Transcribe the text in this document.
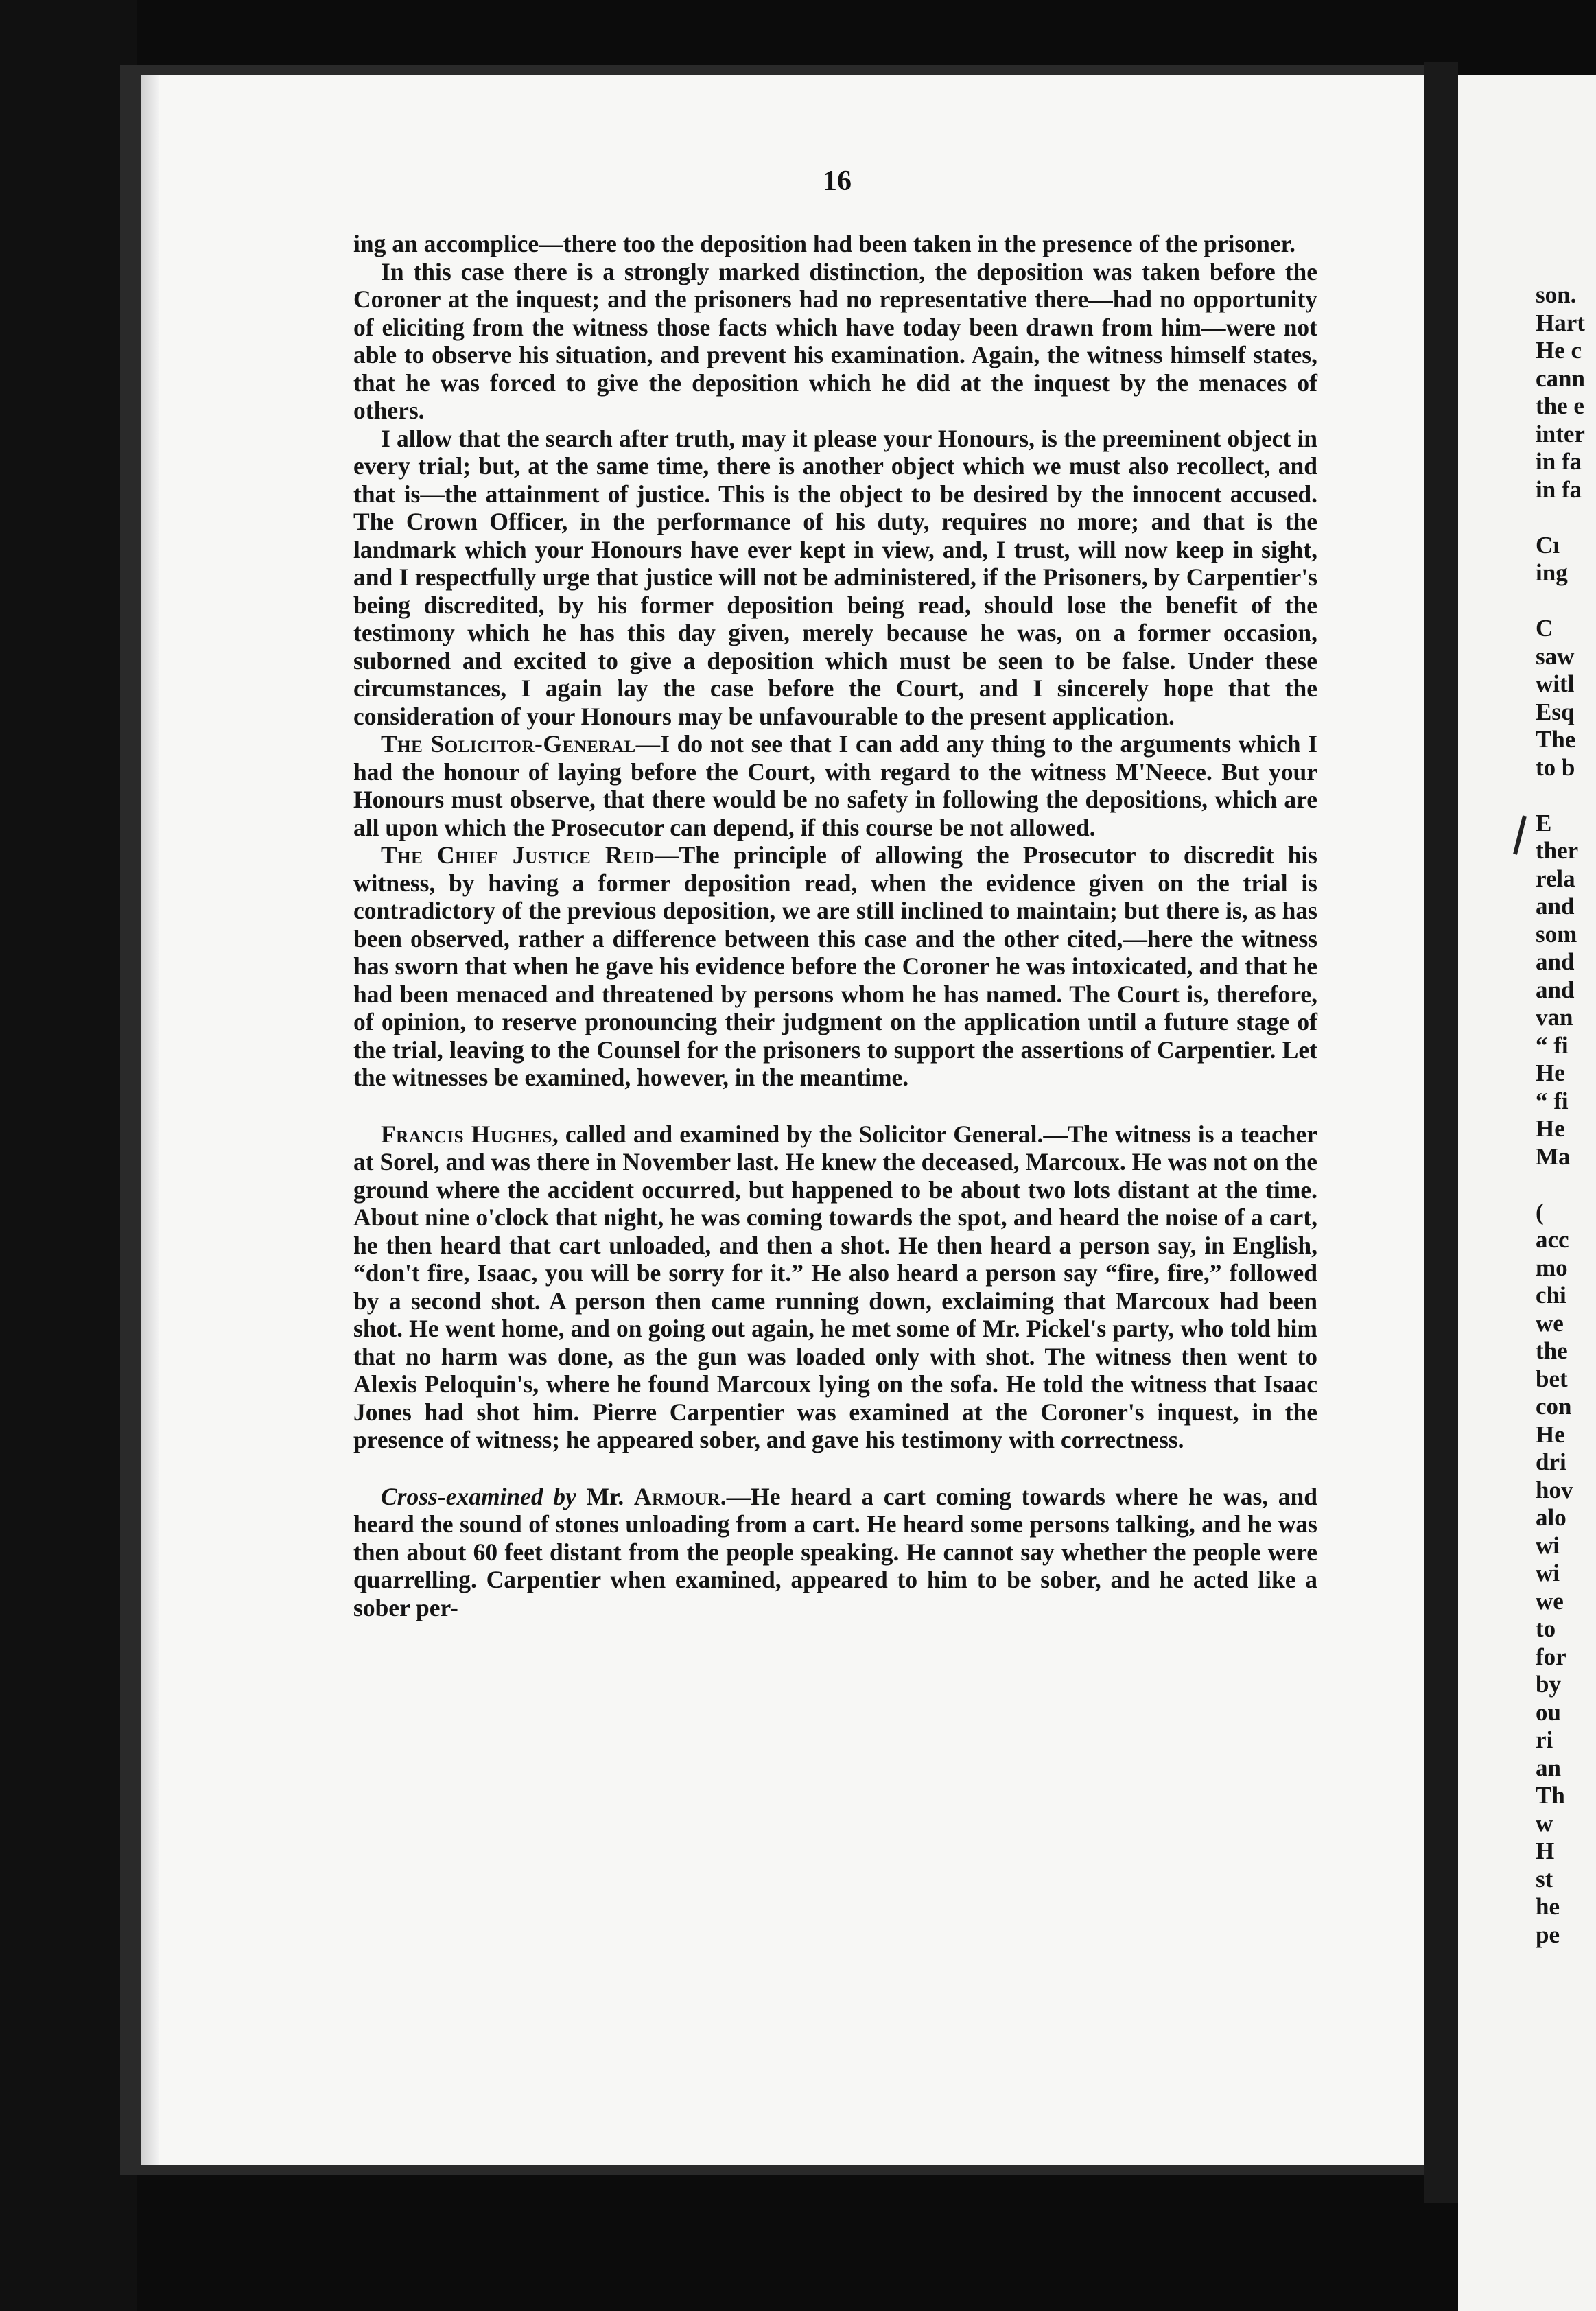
16

ing an accomplice—there too the deposition had been taken in the presence of the prisoner.

In this case there is a strongly marked distinction, the deposition was taken before the Coroner at the inquest; and the prisoners had no representative there—had no opportunity of eliciting from the witness those facts which have today been drawn from him—were not able to observe his situation, and prevent his examination. Again, the witness himself states, that he was forced to give the deposition which he did at the inquest by the menaces of others.

I allow that the search after truth, may it please your Honours, is the preeminent object in every trial; but, at the same time, there is another object which we must also recollect, and that is—the attainment of justice. This is the object to be desired by the innocent accused. The Crown Officer, in the performance of his duty, requires no more; and that is the landmark which your Honours have ever kept in view, and, I trust, will now keep in sight, and I respectfully urge that justice will not be administered, if the Prisoners, by Carpentier's being discredited, by his former deposition being read, should lose the benefit of the testimony which he has this day given, merely because he was, on a former occasion, suborned and excited to give a deposition which must be seen to be false. Under these circumstances, I again lay the case before the Court, and I sincerely hope that the consideration of your Honours may be unfavourable to the present application.

The Solicitor-General—I do not see that I can add any thing to the arguments which I had the honour of laying before the Court, with regard to the witness M'Neece. But your Honours must observe, that there would be no safety in following the depositions, which are all upon which the Prosecutor can depend, if this course be not allowed.

The Chief Justice Reid—The principle of allowing the Prosecutor to discredit his witness, by having a former deposition read, when the evidence given on the trial is contradictory of the previous deposition, we are still inclined to maintain; but there is, as has been observed, rather a difference between this case and the other cited,—here the witness has sworn that when he gave his evidence before the Coroner he was intoxicated, and that he had been menaced and threatened by persons whom he has named. The Court is, therefore, of opinion, to reserve pronouncing their judgment on the application until a future stage of the trial, leaving to the Counsel for the prisoners to support the assertions of Carpentier. Let the witnesses be examined, however, in the meantime.

Francis Hughes, called and examined by the Solicitor General.—The witness is a teacher at Sorel, and was there in November last. He knew the deceased, Marcoux. He was not on the ground where the accident occurred, but happened to be about two lots distant at the time. About nine o'clock that night, he was coming towards the spot, and heard the noise of a cart, he then heard that cart unloaded, and then a shot. He then heard a person say, in English, “don't fire, Isaac, you will be sorry for it.” He also heard a person say “fire, fire,” followed by a second shot. A person then came running down, exclaiming that Marcoux had been shot. He went home, and on going out again, he met some of Mr. Pickel's party, who told him that no harm was done, as the gun was loaded only with shot. The witness then went to Alexis Peloquin's, where he found Marcoux lying on the sofa. He told the witness that Isaac Jones had shot him. Pierre Carpentier was examined at the Coroner's inquest, in the presence of witness; he appeared sober, and gave his testimony with correctness.

Cross-examined by Mr. Armour.—He heard a cart coming towards where he was, and heard the sound of stones unloading from a cart. He heard some persons talking, and he was then about 60 feet distant from the people speaking. He cannot say whether the people were quarrelling. Carpentier when examined, appeared to him to be sober, and he acted like a sober per-

son.
Hart
He c
cann
the e
inter
in fa
in fa
Cı
ing
C
saw
witl
Esq
The
to b
E
ther
rela
and
som
and
and
van
“ fi
He
“ fi
He
Ma
(
acc
mo
chi
we
the
bet
con
He
dri
hov
alo
wi
wi
we
to
for
by
ou
ri
an
Th
w
H
st
he
pe
